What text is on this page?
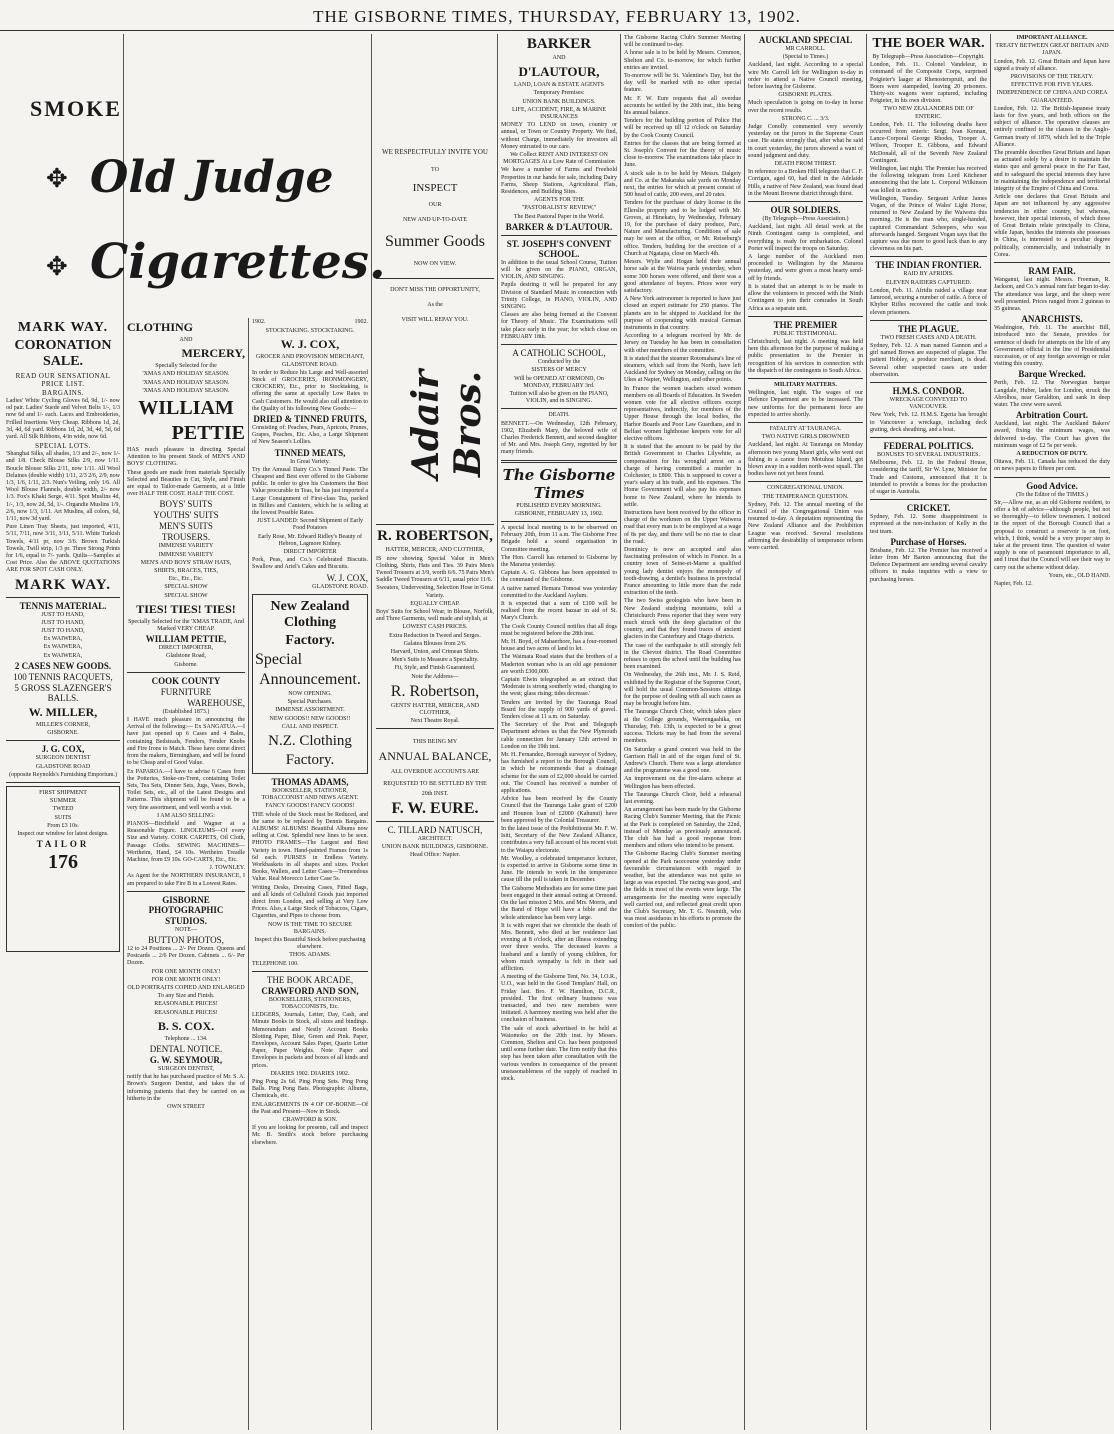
THE GISBORNE TIMES, THURSDAY, FEBRUARY 13, 1902.
SMOKE
✥ Old Judge
✥ Cigarettes.
MARK WAY.
CORONATION SALE.
READ OUR SENSATIONAL PRICE LIST.
BARGAINS.

Ladies' White Cycling Gloves 6d, 9d, 1/- now od pair. Ladies' Suede and Velvet Belts 1/-, 1/3 now 6d and 1/- each. Laces and Embroideries, Frilled Insertions Very Cheap. Ribbons 1d, 2d, 3d, 4d, 6d yard. Ribbons 1d, 2d, 3d, 4d, 5d, 6d yard. All Silk Ribbons, 4/in wide, now 6d.

SPECIAL LOTS.

'Shanghai Silks, all shades, 1/3 and 2/-, now 1/- and 1/8. Check Blouse Silks 2/9, now 1/11. Boucle Blouse Silks 2/11, now 1/11. All Wool Delaines (double width) 1/11, 2/3 2/6, 2/9, now 1/3, 1/6, 1/11, 2/3. Nun's Veiling, only 1/6. All Wool Blouse Flannels, double width, 2/- now 1/3. Fox's Khaki Serge, 4/11. Spot Muslins 4d, 1/-, 1/3, now 2d, 5d, 1/-. Organdie Muslins 1/9, 2/6, now 1/3, 1/11. Art Muslins, all colors, 6d, 1/11, now 3d yard.

Pure Linen Tray Sheets, just imported, 4/11, 5/11, 7/11, now 3/11, 3/11, 5/11. White Turkish Towels, 4/11 pr, now 3/6. Brown Turkish Towels, Twill strip, 1/3 pr. Three Strong Prints for 1/6, equal to 7/- yards. Quilts—Samples at Cost Price. Also the ABOVE QUOTATIONS ARE FOR SPOT CASH ONLY.

MARK WAY.
TENNIS MATERIAL.
JUST TO HAND,
JUST TO HAND,
JUST TO HAND,
Ex WAIWERA,
Ex WAIWERA,
Ex WAIWERA,
2 CASES NEW GOODS.
100 TENNIS RACQUETS,
5 GROSS SLAZENGER'S BALLS.
W. MILLER,
MILLER'S CORNER,
GISBORNE.
J. G. COX,
SURGEON DENTIST
GLADSTONE ROAD
(opposite Reynolds's Furnishing Emporium.)
FIRST SHIPMENT
SUMMER
TWEED
SUITS
From £3 10s.
Inspect our window for latest designs.
TAILOR
176
CLOTHING
AND
MERCERY,
Specially Selected for the
'XMAS AND HOLIDAY SEASON.
'XMAS AND HOLIDAY SEASON.
'XMAS AND HOLIDAY SEASON.
WILLIAM
PETTIE

HAS much pleasure in directing Special Attention to his present Stock of MEN'S AND BOYS' CLOTHING.

These goods are made from materials Specially Selected and Beauties in Cut, Style, and Finish are equal to Tailor-made Garments, at a little over HALF THE COST. HALF THE COST.

BOYS' SUITS
YOUTHS' SUITS
MEN'S SUITS
TROUSERS.
IMMENSE VARIETY
IMMENSE VARIETY
MEN'S AND BOYS' STRAW HATS,
SHIRTS, BRACES, TIES,
Etc., Etc., Etc.
SPECIAL SHOW
SPECIAL SHOW
TIES! TIES! TIES!
Specially Selected for the 'XMAS TRADE, And Marked VERY CHEAP.
WILLIAM PETTIE,
DIRECT IMPORTER,
Gladstone Road,
Gisborne.
COOK COUNTY
FURNITURE
WAREHOUSE,
(Established 1873.)

I HAVE much pleasure in announcing the Arrival of the following:— Ex SANGATUA.—I have just opened up 6 Cases and 4 Bales, containing Bedsteads, Fenders, Fender Knobs and Fire Irons to Match. These have come direct from the makers, Birmingham, and will be found to be Cheap and of Good Value.

Ex PAPAROA.—I have to advise 6 Cases from the Potteries, Stoke-on-Trent, containing Toilet Sets, Tea Sets, Dinner Sets, Jugs, Vases, Bowls, Toilet Sets, etc., all of the Latest Designs and Patterns. This shipment will be found to be a very fine assortment, and well worth a visit.

I AM ALSO SELLING:

PIANOS—Birchfield and Wagner at a Reasonable Figure. LINOLEUMS—Of every Size and Variety. CORK CARPETS, Oil Cloth, Passage Cloths. SEWING MACHINES—Wertheim, Hand, £4 10s. Wertheim Treadle Machine, from £9 10s. GO-CARTS, Etc., Etc.

J. TOWNLEY.

As Agent for the NORTHERN INSURANCE, I am prepared to take Fire B in a Lowest Rates.

GISBORNE PHOTOGRAPHIC
STUDIOS.
NOTE—
BUTTON PHOTOS,

12 to 24 Positions ... 2/- Per Dozen. Queens and Postcards ... 2/6 Per Dozen. Cabinets ... 6/- Per Dozen.

FOR ONE MONTH ONLY!
FOR ONE MONTH ONLY!
OLD PORTRAITS COPIED AND ENLARGED
To any Size and Finish.
REASONABLE PRICES!
REASONABLE PRICES!
B. S. COX.
Telephone ... 134.
DENTAL NOTICE.
G. W. SEYMOUR,
SURGEON DENTIST,

notify that he has purchased practice of Mr. S. A. Brown's Surgeon Dentist, and takes the of informing patients that they be carried on as hitherto in the

OWN STREET
1902.	1902.
STOCKTAKING. STOCKTAKING.
W. J. COX,
GROCER AND PROVISION MERCHANT, GLADSTONE ROAD.

In order to Reduce his Large and Well-assorted Stock of GROCERIES, IRONMONGERY, CROCKERY, Etc., prior to Stocktaking, is offering the same at specially Low Rates to Cash Customers. He would also call attention to the Quality of his following New Goods:—

DRIED & TINNED FRUITS,

Consisting of: Peaches, Pears, Apricots, Prunes, Grapes, Peaches, Etc. Also, a Large Shipment of New Season's Lollies.

TINNED MEATS,
In Great Variety.

Try the Amusal Dairy Co.'s Tinned Paste. The Cheapest and Best ever offered to the Gisborne public. In order to give his Customers the Best Value procurable in Teas, he has just imported a Large Consignment of First-class Tea, packed in Billies and Canisters, which he is selling at the lowest Possible Rates.

JUST LANDED: Second Shipment of Early Food Potatoes
Early Rose, Mr. Edward Ridley's Beauty of Hebron, Lagmore Kidney.
DIRECT IMPORTER

Pork, Peas, and Co.'s Celebrated Biscuits. Swallow and Ariel's Cakes and Biscuits.

W. J. COX,
GLADSTONE ROAD.
New Zealand Clothing
Factory.
Special
Announcement.
NOW OPENING.
Special Purchases.
IMMENSE ASSORTMENT.
NEW GOODS!! NEW GOODS!!
CALL AND INSPECT.
N.Z. Clothing
Factory.
THOMAS ADAMS,
BOOKSELLER, STATIONER, TOBACCONIST AND NEWS AGENT.
FANCY GOODS! FANCY GOODS!

THE whole of the Stock must be Reduced, and the same to be replaced by Dennis Bargains. ALBUMS! ALBUMS! Beautiful Albums now selling at Cost. Splendid new lines to be seen. PHOTO FRAMES—The Largest and Best Variety in town. Hand-painted Frames from 1s 6d each. PURSES in Endless Variety. Workbaskets in all shapes and sizes. Pocket Books, Wallets, and Letter Cases—Tremendous Value. Real Morocco Letter Case 5s.

Writing Desks, Dressing Cases, Fitted Bags, and all kinds of Celluloid Goods just imported direct from London, and selling at Very Low Prices. Also, a Large Stock of Tobaccos, Cigars, Cigarettes, and Pipes to choose from.

NOW IS THE TIME TO SECURE BARGAINS.
Inspect this Beautiful Stock before purchasing elsewhere.
THOS. ADAMS.
TELEPHONE 100.
THE BOOK ARCADE,
CRAWFORD AND SON,
BOOKSELLERS, STATIONERS, TOBACCONISTS, Etc.

LEDGERS, Journals, Letter, Day, Cash, and Minute Books in Stock, all sizes and bindings. Memorandum and Nestly Account Books Blotting Paper, Blue, Green and Pink. Paper, Envelopes, Account Sales Paper, Quarto Letter Paper, Paper Weights. Note Paper and Envelopes in packets and boxes of all kinds and prices.

DIARIES 1902. DIARIES 1902.

Ping Pong 2s 6d. Ping Pong Sets. Ping Pong Balls. Ping Pong Bats. Photographic Albums, Chemicals, etc.

ENLARGEMENTS IN 4 OF OF-BORNE—Of the Past and Present—Now in Stock.

CRAWFORD & SON.

If you are looking for presents, call and inspect Mr. B. Smith's stock before purchasing elsewhere.

WE RESPECTFULLY INVITE YOU
TO
INSPECT
OUR
NEW AND UP-TO-DATE
Summer Goods
NOW ON VIEW.
DON'T MISS THE OPPORTUNITY,
As the
VISIT WILL REPAY YOU.
Adair Bros.
R. ROBERTSON,
HATTER, MERCER, AND CLOTHIER,

IS now showing Special Value in Men's Clothing, Shirts, Hats and Ties. 39 Pairs Men's Tweed Trousers at 3/9, worth 6/6. 75 Pairs Men's Saddle Tweed Trousers at 6/11, usual price 11/6.

Sweaters, Undervesting, Selection Hose in Great Variety.
EQUALLY CHEAP.

Boys' Suits for School Wear, in Blouse, Norfolk, and Three Garments, well made and stylish, at

LOWEST CASH PRICES.
Extra Reduction in Tweed and Serges.
Galatea Blouses from 2/6.
Harvard, Union, and Crimean Shirts.
Men's Suits to Measure a Speciality.
Fit, Style, and Finish Guaranteed.
Note the Address—
R. Robertson,
GENTS' HATTER, MERCER, AND CLOTHIER,
Next Theatre Royal.
THIS BEING MY
ANNUAL BALANCE,
ALL OVERDUE ACCOUNTS ARE REQUESTED TO BE SETTLED BY THE
20th INST.
F. W. EURE.
C. TILLARD NATUSCH,
ARCHITECT.
UNION BANK BUILDINGS, GISBORNE.
Head Office: Napier.
BARKER
AND
D'LAUTOUR,
LAND, LOAN & ESTATE AGENTS
Temporary Premises:
UNION BANK BUILDINGS.
LIFE, ACCIDENT, FIRE, & MARINE INSURANCES

MONEY TO LEND on town, country or annual, or Town or Country Property. We find, without Charge, immediately for investors all Money entrusted to our care.

We Collect RENT AND INTEREST ON MORTGAGES At a Low Rate of Commission

We have a number of Farms and Freehold Properties in our hands for sale, including Dairy Farms, Sheep Stations, Agricultural Flats, Residences, and Building Sites.

AGENTS FOR THE
"PASTORALISTS' REVIEW,"
The Best Pastoral Paper in the World.
BARKER & D'LAUTOUR.
ST. JOSEPH'S CONVENT SCHOOL.

In addition to the usual School Course, Tuition will be given on the PIANO, ORGAN, VIOLIN, AND SINGING.

Pupils desiring it will be prepared for any Division of Standard Music in connection with Trinity College, in PIANO, VIOLIN, AND SINGING

Classes are also being formed at the Convent for Theory of Music. The Examinations will take place early in the year; for which close on FEBRUARY 18th.

A CATHOLIC SCHOOL,
Conducted by the
SISTERS OF MERCY
Will be OPENED AT ORMOND, On MONDAY, FEBRUARY 3rd.
Tuition will also be given on the PIANO, VIOLIN, and in SINGING.
DEATH.

BENNETT.—On Wednesday, 12th February, 1902, Elizabeth Mary, the beloved wife of Charles Frederick Bennett, and second daughter of Mr. and Mrs. Joseph Grey, regretted by her many friends.

The Gisborne Times
PUBLISHED EVERY MORNING.
GISBORNE, FEBRUARY 13, 1902.

A special local meeting is to be observed on February 20th, from 11 a.m. The Gisborne Free Brigade hold a sound organisation in Committee meeting.

The Hon. Carroll has returned to Gisborne by the Mararoa yesterday.

Captain A. G. Gibbons has been appointed to the command of the Gisborne.

A native named Hemara Tomoai was yesterday committed to the Auckland Asylum.

It is expected that a sum of £100 will be realised from the recent bazaar in aid of St. Mary's Church.

The Cook County Council notifies that all dogs must be registered before the 28th inst.

Mr. H. Boyd, of Mahaerhore, has a four-roomed house and two acres of land to let.

The Waimata Road states that the brothers of a Maderton woman who is an old age pensioner are worth £300,000.

Captain Elwin telegraphed as an extract that 'Moderate is strong southerly wind, changing to the west; glass rising; tides decrease.'

Tenders are invited by the Tauranga Road Board for the supply of 900 yards of gravel. Tenders close at 11 a.m. on Saturday.

The Secretary of the Post and Telegraph Department advises us that the New Plymouth cable connection for January 12th arrived in London on the 19th inst.

Mr. H. Fernandez, Borough surveyor of Sydney, has furnished a report to the Borough Council, in which he recommends that a drainage scheme for the sum of £2,000 should be carried out. The Council has received a number of applications.

Advice has been received by the County Council that the Tauranga Lake grant of £200 and Hounon loan of £2000 (Kahunui) have been approved by the Colonial Treasurer.

In the latest issue of the Prohibitionist Mr. F. W. Isitt, Secretary of the New Zealand Alliance, contributes a very full account of his recent visit to the Waiapu electorate.

Mr. Woolley, a celebrated temperance lecturer, is expected to arrive in Gisborne some time in June. He intends to work in the temperance cause till the poll is taken in December.

The Gisborne Methodists are for some time past been engaged in their annual outing at Ormond. On the last mission 2 Mrs. and Mrs. Morris, and the Band of Hope will have a bible and the whole attendance has been very large.

It is with regret that we chronicle the death of Mrs. Bennett, who died at her residence last evening at 8 o'clock, after an illness extending over three weeks. The deceased leaves a husband and a family of young children, for whom much sympathy is felt in their sad affliction.

A meeting of the Gisborne Tent, No. 34, I.O.R., U.O., was held in the Good Templars' Hall, on Friday last. Bro. F. W. Hamilton, D.C.R., presided. The first ordinary business was transacted, and two new members were initiated. A harmony meeting was held after the conclusion of business.

The sale of stock advertised to be held at Waiomoko on the 20th inst. by Messrs. Common, Shelton and Co. has been postponed until some further date. The firm notify that this step has been taken after consultation with the various vendors in consequence of the present unseasonableness of the supply of reached in stock.

The Gisborne Racing Club's Summer Meeting will be continued to-day.

A horse sale is to be held by Messrs. Common, Shelton and Co. to-morrow, for which further entries are invited.

To-morrow will be St. Valentine's Day, but the day will be marked with no other special feature.

Mr. F. W. Eure requests that all overdue accounts be settled by the 20th inst., this being his annual balance.

Tenders for the building portion of Police Hut will be received up till 12 o'clock on Saturday by the Cook County Council.

Entries for the classes that are being formed at St. Joseph's Convent for the theory of music close to-morrow. The examinations take place in June.

A stock sale is to be held by Messrs. Dalgety and Co. at the Makaraka sale yards on Monday next, the entries for which at present consist of 500 head of cattle, 200 ewes, and 20 rates.

Tenders for the purchase of dairy license in the Ellerslie property and to be lodged with Mr. Groves, at Hinekato, by Wednesday, February 19, for the purchase of dairy produce, Parc, Nature and Manufacturing. Conditions of sale may be seen at the office, or Mr. Reiseburg's office. Tenders, building for the erection of a Church at Ngatapa, close on March 4th.

Messrs. Wylie and Hogan held their annual horse sale at the Wairoa yards yesterday, when some 300 horses were offered, and there was a good attendance of buyers. Prices were very satisfactory.

A New York astronomer is reported to have just closed an expert estimate for 250 pianos. The planets are to be shipped to Auckland for the purpose of cooperating with musical German instruments in that country.

According to a telegram received by Mr. de Jersey on Tuesday he has been in consultation with other members of the committee.

It is stated that the steamer Rotomahana's line of steamers, which sail from the North, have left Auckland for Sydney on Monday, calling on the Ukes at Napier, Wellington, and other points.

In France the women teachers sixed women members on all Boards of Education. In Sweden women vote for all elective officers except representatives, indirectly, for members of the Upper House through the local bodies, the Harbor Boards and Poor Law Guardians, and in Belfast women lighthouse keepers vote for all elective officers.

It is stated that the amount to be paid by the British Government to Charles Lilywhite, as compensation for his wrongful arrest on a charge of having committed a murder in Colchester, is £800. This is supposed to cover a year's salary at his trade, and his expenses. The Home Government will also pay his expenses home to New Zealand, where he intends to settle.

Instructions have been received by the officer in charge of the workmen on the Upper Waiwera road that every man is to be employed at a wage of 8s per day, and there will be no rise to clear the road.

Dominicy is now an accepted and also fascinating profession of which in France. In a country town of Seine-et-Marne a qualified young lady dentist enjoys the monopoly of tooth-drawing, a dentist's business in provincial France amounting to little more than the rude extraction of the teeth.

The two Swiss geologists who have been in New Zealand studying mountains, told a Christchurch Press reporter that they were very much struck with the deep glaciation of the country, and that they found traces of ancient glaciers in the Canterbury and Otago districts.

The case of the earthquake is still strongly felt in the Cheviot district. The Road Committee refuses to open the school until the building has been examined.

On Wednesday, the 26th inst., Mr. J. S. Reid, exhibited by the Registrar of the Supreme Court, will hold the usual Common-Sessions sittings for the purpose of dealing with all such cases as may be brought before him.

The Tauranga Church Choir, which takes place at the College grounds, Waerengaahika, on Thursday, Feb. 13th, is expected to be a great success. Tickets may be had from the several members.

On Saturday a grand concert was held in the Garrison Hall in aid of the organ fund of St. Andrew's Church. There was a large attendance and the programme was a good one.

An improvement on the fire-alarm scheme at Wellington has been effected.

The Tauranga Church Choir, held a rehearsal last evening.

An arrangement has been made by the Gisborne Racing Club's Summer Meeting, that the Picnic at the Park is completed on Saturday, the 22nd, instead of Monday as previously announced. The club has had a good response from members and others who intend to be present.

The Gisborne Racing Club's Summer meeting opened at the Park racecourse yesterday under favourable circumstances with regard to weather, but the attendance was not quite so large as was expected. The racing was good, and the fields in most of the events were large. The arrangements for the meeting were especially well carried out, and reflected great credit upon the Club's Secretary, Mr. T. G. Nesmith, who was most assiduous in his efforts to promote the comfort of the public.

AUCKLAND SPECIAL
MR CARROLL.
(Special to Times.)

Auckland, last night. According to a special wire Mr. Carroll left for Wellington to-day in order to attend a Native Council meeting, before leaving for Gisborne.

GISBORNE PLATES.

Much speculation is going on to-day in horse over the recent results.

STRONG C. ... 3/3.

Judge Conolly commented very severely yesterday on the jurors in the Supreme Court case. He states strongly that, after what he said in court yesterday, the jurors showed a want of sound judgment and duty.

DEATH FROM THIRST.

In reference to a Broken Hill telegram that C. F. Corrigan, aged 60, had died in the Adelaide Hills, a native of New Zealand, was found dead in the Mount Browne district through thirst.

OUR SOLDIERS.
(By Telegraph—Press Association.)

Auckland, last night. All detail work at the Ninth Contingent camp is completed, and everything is ready for embarkation. Colonel Porter will inspect the troops on Saturday.

A large number of the Auckland men proceeded to Wellington by the Mararoa yesterday, and were given a most hearty send-off by friends.

It is stated that an attempt is to be made to allow the volunteers to proceed with the Ninth Contingent to join their comrades in South Africa as a separate unit.

THE PREMIER
PUBLIC TESTIMONIAL.

Christchurch, last night. A meeting was held here this afternoon for the purpose of making a public presentation to the Premier in recognition of his services in connection with the dispatch of the contingents to South Africa.

MILITARY MATTERS.

Wellington, last night. The wages of our Defence Department are to be increased. The new uniforms for the permanent force are expected to arrive shortly.

FATALITY AT TAURANGA.
TWO NATIVE GIRLS DROWNED

Auckland, last night. At Tauranga on Monday afternoon two young Maori girls, who went out fishing in a canoe from Motuhoa Island, got blown away in a sudden north-west squall. The bodies have not yet been found.

CONGREGATIONAL UNION.
THE TEMPERANCE QUESTION.

Sydney, Feb. 12. The annual meeting of the Council of the Congregational Union was resumed to-day. A deputation representing the New Zealand Alliance and the Prohibition League was received. Several resolutions affirming the desirability of temperance reform were carried.

THE BOER WAR.
By Telegraph—Press Association—Copyright.

London, Feb. 11. Colonel Vandeleur, in command of the Composite Corps, surprised Potgieter's laager at Rhenosterspruit, and the Boers were stampeded, leaving 20 prisoners. Thirty-six wagons were captured, including Potgieter, in his own division.

TWO NEW ZEALANDERS DIE OF ENTERIC.

London, Feb. 11. The following deaths have occurred from enteric: Sergt. Ivan Kennan, Lance-Corporal George Rhodes, Trooper A. Wilson, Trooper E. Gibbons, and Edward McDonald, all of the Seventh New Zealand Contingent.

Wellington, last night. The Premier has received the following telegram from Lord Kitchener announcing that the late L. Corporal Wilkinson was killed in action.

Wellington, Tuesday. Sergeant Arthur James Vogan, of the Prince of Wales' Light Horse, returned to New Zealand by the Waiwera this morning. He is the man who, single-handed, captured Commandant Scheepers, who was afterwards hanged. Sergeant Vogan says that the capture was due more to good luck than to any cleverness on his part.

THE INDIAN FRONTIER.
RAID BY AFRIDIS.
ELEVEN RAIDERS CAPTURED.

London, Feb. 11. Afridis raided a village near Jamrood, securing a number of cattle. A force of Khyber Rifles recovered the cattle and took eleven prisoners.

THE PLAGUE.
TWO FRESH CASES AND A DEATH.

Sydney, Feb. 12. A man named Gannon and a girl named Brown are suspected of plague. The patient Hobley, a produce merchant, is dead. Several other suspected cases are under observation.

H.M.S. CONDOR.
WRECKAGE CONVEYED TO VANCOUVER.

New York, Feb. 12. H.M.S. Egeria has brought to Vancouver a wreckage, including deck grating, deck sheathing, and a boat.

FEDERAL POLITICS.
BONUSES TO SEVERAL INDUSTRIES.

Melbourne, Feb. 12. In the Federal House, considering the tariff, Sir W. Lyne, Minister for Trade and Customs, announced that it is intended to provide a bonus for the production of sugar in Australia.

CRICKET.

Sydney, Feb. 12. Some disappointment is expressed at the non-inclusion of Kelly in the test team.

Purchase of Horses.

Brisbane, Feb. 12. The Premier has received a letter from Mr Barton announcing that the Defence Department are sending several cavalry officers to make inquiries with a view to purchasing horses.

IMPORTANT ALLIANCE.
TREATY BETWEEN GREAT BRITAIN AND JAPAN.

London, Feb. 12. Great Britain and Japan have signed a treaty of alliance.

PROVISIONS OF THE TREATY.
EFFECTIVE FOR FIVE YEARS.
INDEPENDENCE OF CHINA AND COREA GUARANTEED.

London, Feb. 12. The British-Japanese treaty lasts for five years, and both offices on the subject of alliance. The operative clauses are entirely confined to the clauses in the Anglo-German treaty of 1879, which led to the Triple Alliance.

The preamble describes Great Britain and Japan as actuated solely by a desire to maintain the status quo and general peace in the Far East, and to safeguard the special interests they have in maintaining the independence and territorial integrity of the Empire of China and Corea.

Article one declares that Great Britain and Japan are not influenced by any aggressive tendencies in either country, but whereas, however, their special interests, of which those of Great Britain relate principally to China, while Japan, besides the interests she possesses in China, is interested to a peculiar degree politically, commercially, and industrially in Corea.

RAM FAIR.

Wanganui, last night. Messrs. Freeman, R. Jackson, and Co.'s annual ram fair began to-day. The attendance was large, and the sheep were well presented. Prices ranged from 2 guineas to 35 guineas.

ANARCHISTS.

Washington, Feb. 11. The anarchist Bill, introduced into the Senate, provides for sentence of death for attempts on the life of any Government official in the line of Presidential succession, or of any foreign sovereign or ruler visiting this country.

Barque Wrecked.

Perth, Feb. 12. The Norwegian barque Langdale, Huber, laden for London, struck the Abrolhos, near Geraldton, and sank in deep water. The crew were saved.

Arbitration Court.

Auckland, last night. The Auckland Bakers' award, fixing the minimum wages, was delivered to-day. The Court has given the minimum wage of £2 5s per week.

A REDUCTION OF DUTY.

Ottawa, Feb. 11. Canada has reduced the duty on news papers to fifteen per cent.

Good Advice.
(To the Editor of the TIMES.)

Sir,—Allow me, as an old Gisborne resident, to offer a bit of advice—although people, but not so thoroughly—to fellow townsmen. I noticed in the report of the Borough Council that a proposal to construct a reservoir is on foot, which, I think, would be a very proper step to take at the present time. The question of water supply is one of paramount importance to all, and I trust that the Council will see their way to carry out the scheme without delay.

Yours, etc., OLD HAND.
Napier, Feb. 12.
